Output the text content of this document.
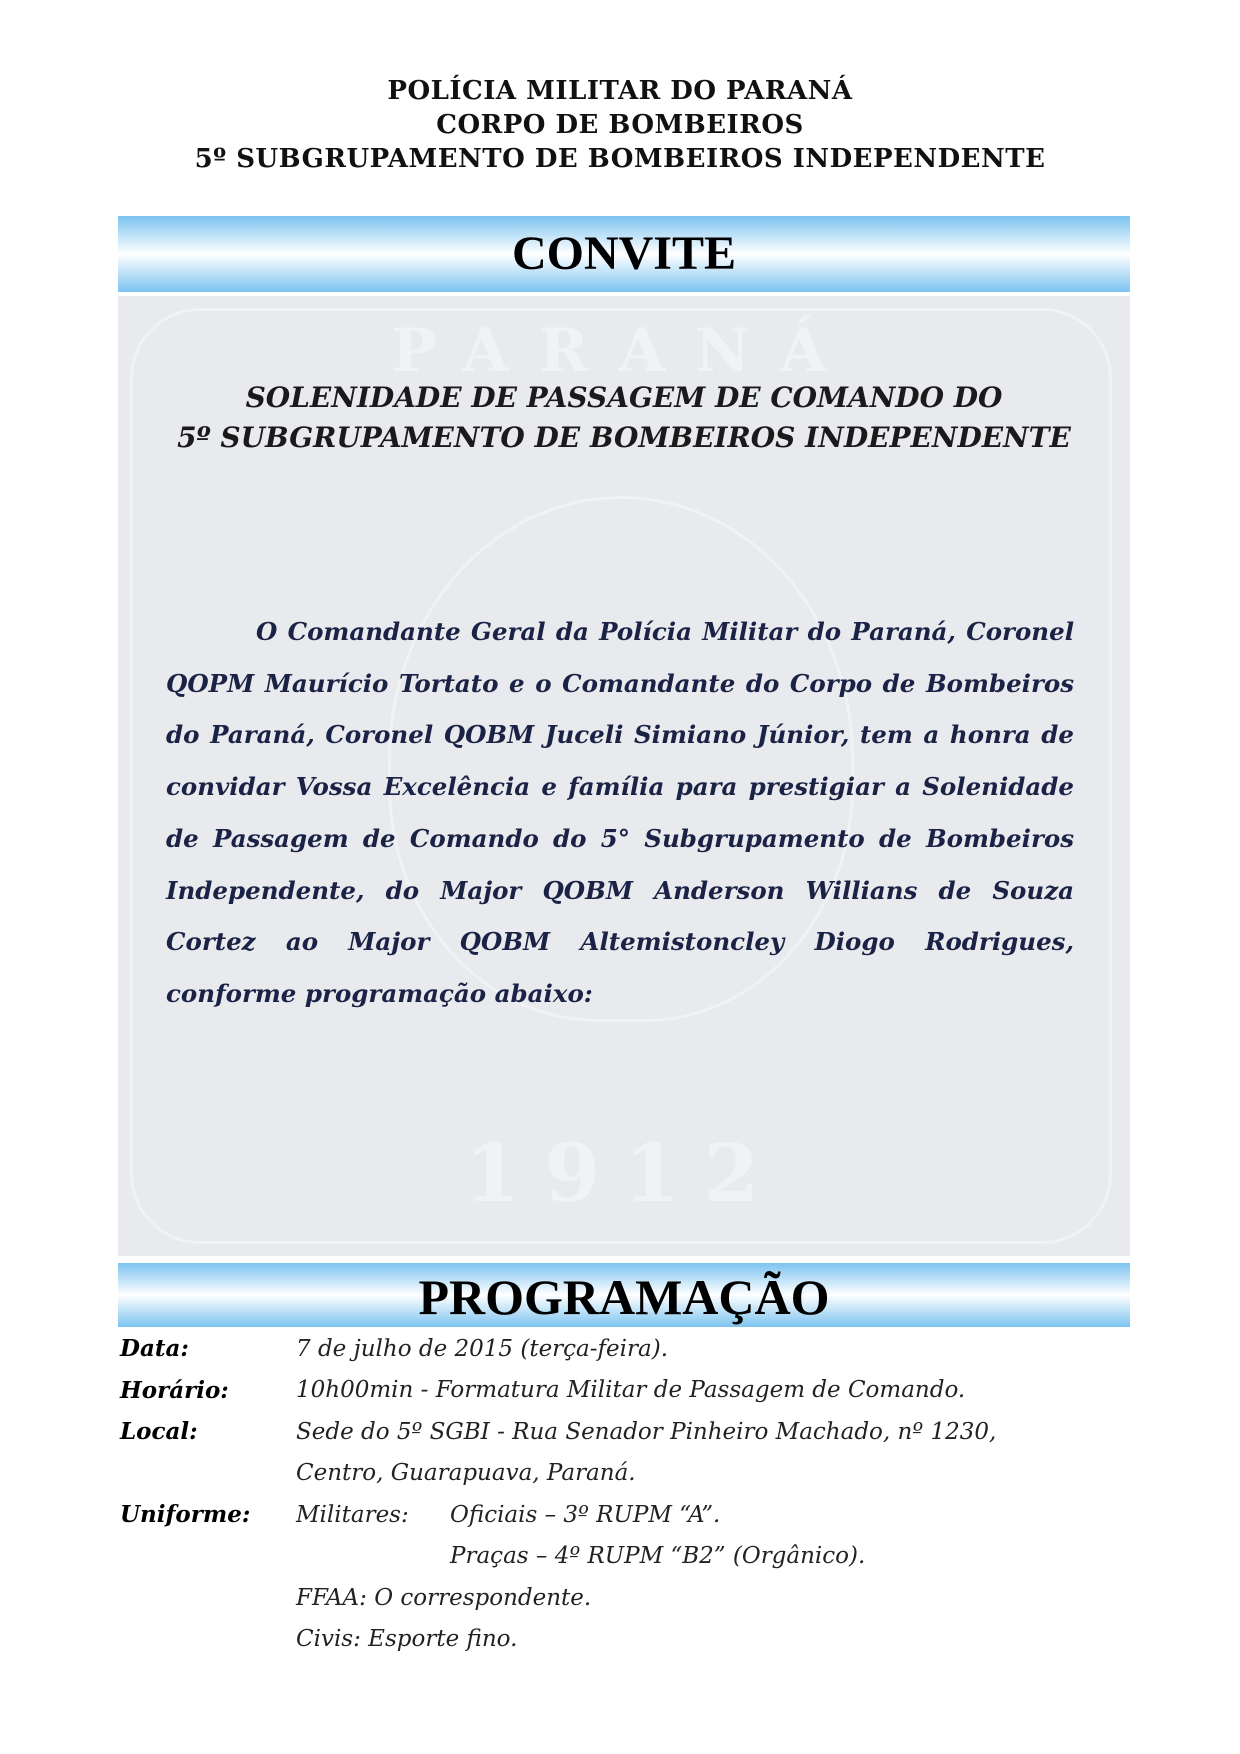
POLÍCIA MILITAR DO PARANÁ
CORPO DE BOMBEIROS
5º SUBGRUPAMENTO DE BOMBEIROS INDEPENDENTE
CONVITE
PARANÁ
1912
SOLENIDADE DE PASSAGEM DE COMANDO DO
5º SUBGRUPAMENTO DE BOMBEIROS INDEPENDENTE
O Comandante Geral da Polícia Militar do Paraná, Coronel QOPM Maurício Tortato e o Comandante do Corpo de Bombeiros do Paraná, Coronel QOBM Juceli Simiano Júnior, tem a honra de convidar Vossa Excelência e família para prestigiar a Solenidade de Passagem de Comando do 5° Subgrupamento de Bombeiros Independente, do Major QOBM Anderson Willians de Souza Cortez ao Major QOBM Altemistoncley Diogo Rodrigues, conforme programação abaixo:
PROGRAMAÇÃO
Data:	7 de julho de 2015 (terça-feira).
Horário:	10h00min - Formatura Militar de Passagem de Comando.
Local:	Sede do 5º SGBI - Rua Senador Pinheiro Machado, nº 1230,
	Centro, Guarapuava, Paraná.
Uniforme:	Militares: Oficiais – 3º RUPM “A”.
	Praças – 4º RUPM “B2” (Orgânico).
	FFAA: O correspondente.
	Civis: Esporte fino.
